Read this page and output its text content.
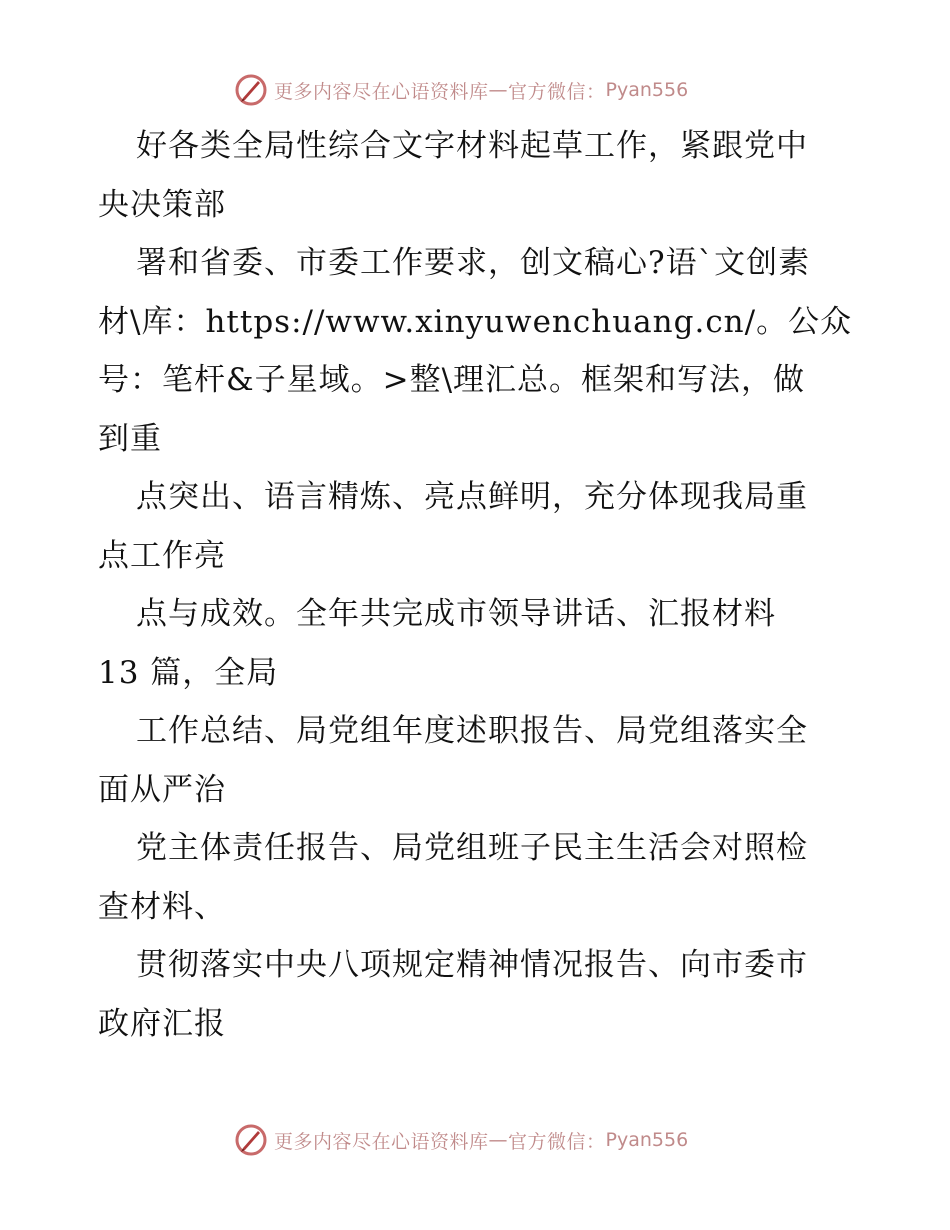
更多内容尽在心语资料库 — 官方微信： Pyan556
好各类全局性综合文字材料起草工作，紧跟党中
央决策部
署和省委、市委工作要求，创文稿心?语`文创素
材\库：https://www.xinyuwenchuang.cn/。公众
号：笔杆&子星域。>整\理汇总。框架和写法，做
到重
点突出、语言精炼、亮点鲜明，充分体现我局重
点工作亮
点与成效。全年共完成市领导讲话、汇报材料
13 篇，全局
工作总结、局党组年度述职报告、局党组落实全
面从严治
党主体责任报告、局党组班子民主生活会对照检
查材料、
贯彻落实中央八项规定精神情况报告、向市委市
政府汇报
更多内容尽在心语资料库 — 官方微信： Pyan556
